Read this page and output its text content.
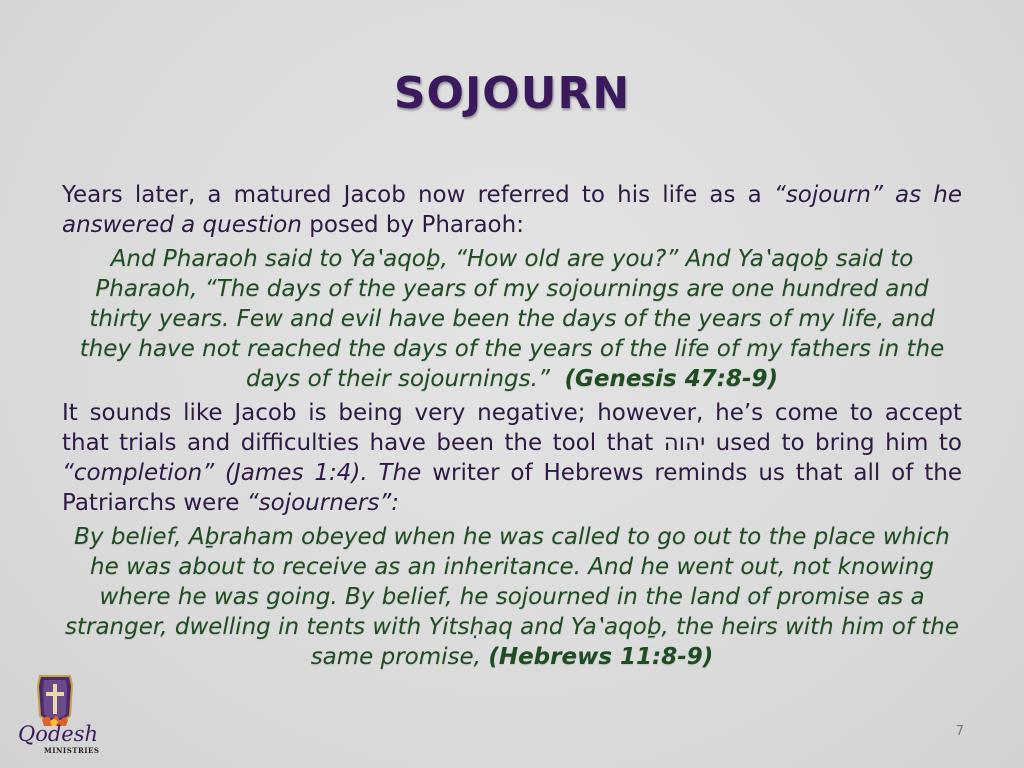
SOJOURN

Years later, a matured Jacob now referred to his life as a “sojourn” as he answered a question posed by Pharaoh:

And Pharaoh said to Ya‛aqoḇ, “How old are you?” And Ya‛aqoḇ said to Pharaoh, “The days of the years of my sojournings are one hundred and thirty years. Few and evil have been the days of the years of my life, and they have not reached the days of the years of the life of my fathers in the days of their sojournings.” (Genesis 47:8-9)

It sounds like Jacob is being very negative; however, he’s come to accept that trials and difficulties have been the tool that יהוה used to bring him to “completion” (James 1:4). The writer of Hebrews reminds us that all of the Patriarchs were “sojourners”:

By belief, Aḇraham obeyed when he was called to go out to the place which he was about to receive as an inheritance. And he went out, not knowing where he was going. By belief, he sojourned in the land of promise as a stranger, dwelling in tents with Yitsḥaq and Ya‛aqoḇ, the heirs with him of the same promise, (Hebrews 11:8-9)

Qodesh
MINISTRIES
7
